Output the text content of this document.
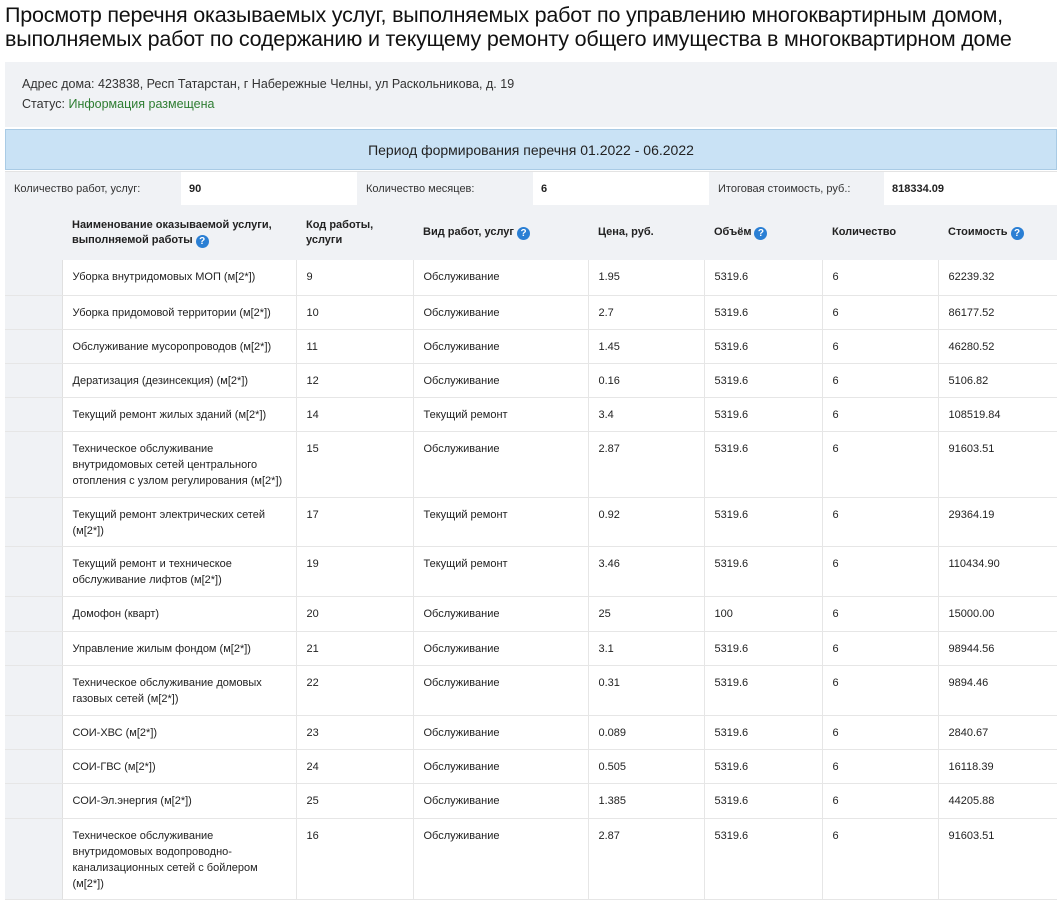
Просмотр перечня оказываемых услуг, выполняемых работ по управлению многоквартирным домом, выполняемых работ по содержанию и текущему ремонту общего имущества в многоквартирном доме
Адрес дома: 423838, Респ Татарстан, г Набережные Челны, ул Раскольникова, д. 19
Статус: Информация размещена
Период формирования перечня 01.2022 - 06.2022
Количество работ, услуг:	90	Количество месяцев:	6	Итоговая стоимость, руб.:	818334.09
	Наименование оказываемой услуги, выполняемой работы ?	Код работы, услуги	Вид работ, услуг ?	Цена, руб.	Объём ?	Количество	Стоимость ?
	Уборка внутридомовых МОП (м[2*])	9	Обслуживание	1.95	5319.6	6	62239.32
	Уборка придомовой территории (м[2*])	10	Обслуживание	2.7	5319.6	6	86177.52
	Обслуживание мусоропроводов (м[2*])	11	Обслуживание	1.45	5319.6	6	46280.52
	Дератизация (дезинсекция) (м[2*])	12	Обслуживание	0.16	5319.6	6	5106.82
	Текущий ремонт жилых зданий (м[2*])	14	Текущий ремонт	3.4	5319.6	6	108519.84
	Техническое обслуживание внутридомовых сетей центрального отопления с узлом регулирования (м[2*])	15	Обслуживание	2.87	5319.6	6	91603.51
	Текущий ремонт электрических сетей (м[2*])	17	Текущий ремонт	0.92	5319.6	6	29364.19
	Текущий ремонт и техническое обслуживание лифтов (м[2*])	19	Текущий ремонт	3.46	5319.6	6	110434.90
	Домофон (кварт)	20	Обслуживание	25	100	6	15000.00
	Управление жилым фондом (м[2*])	21	Обслуживание	3.1	5319.6	6	98944.56
	Техническое обслуживание домовых газовых сетей (м[2*])	22	Обслуживание	0.31	5319.6	6	9894.46
	СОИ-ХВС (м[2*])	23	Обслуживание	0.089	5319.6	6	2840.67
	СОИ-ГВС (м[2*])	24	Обслуживание	0.505	5319.6	6	16118.39
	СОИ-Эл.энергия (м[2*])	25	Обслуживание	1.385	5319.6	6	44205.88
	Техническое обслуживание внутридомовых водопроводно-канализационных сетей с бойлером (м[2*])	16	Обслуживание	2.87	5319.6	6	91603.51
